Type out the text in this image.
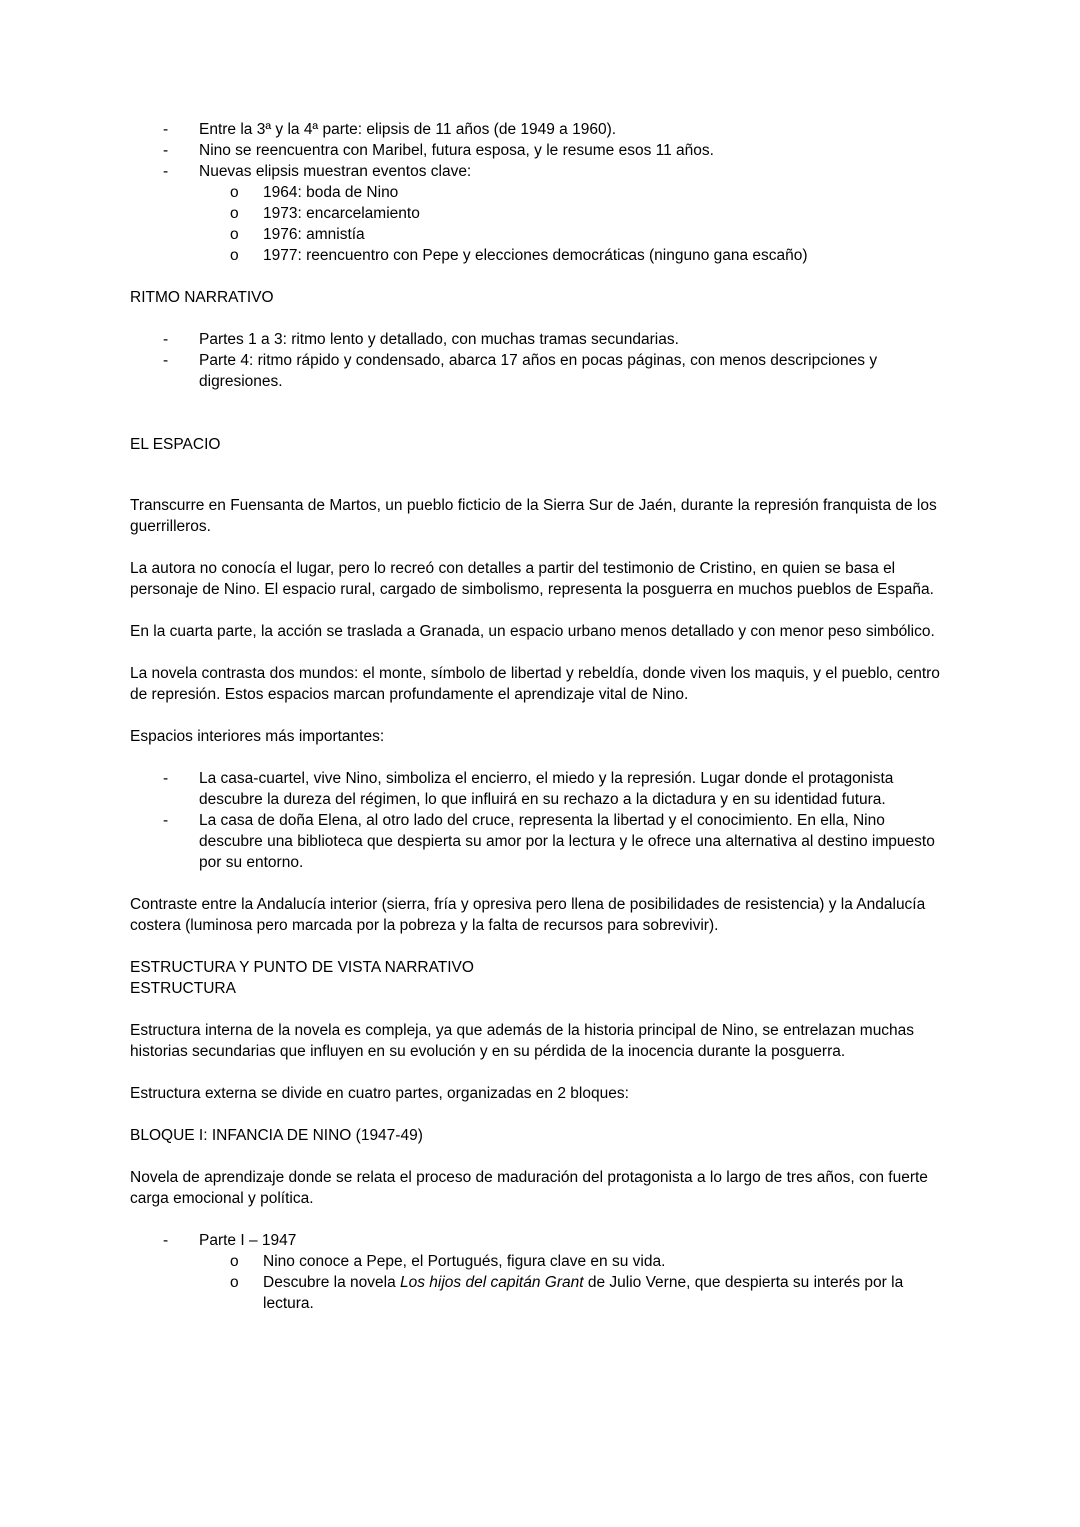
-	Entre la 3ª y la 4ª parte: elipsis de 11 años (de 1949 a 1960).
-	Nino se reencuentra con Maribel, futura esposa, y le resume esos 11 años.
-	Nuevas elipsis muestran eventos clave:
o	1964: boda de Nino
o	1973: encarcelamiento
o	1976: amnistía
o	1977: reencuentro con Pepe y elecciones democráticas (ninguno gana escaño)
RITMO NARRATIVO
-	Partes 1 a 3: ritmo lento y detallado, con muchas tramas secundarias.
-	Parte 4: ritmo rápido y condensado, abarca 17 años en pocas páginas, con menos descripciones y digresiones.
EL ESPACIO

Transcurre en Fuensanta de Martos, un pueblo ficticio de la Sierra Sur de Jaén, durante la represión franquista de los guerrilleros.

La autora no conocía el lugar, pero lo recreó con detalles a partir del testimonio de Cristino, en quien se basa el personaje de Nino. El espacio rural, cargado de simbolismo, representa la posguerra en muchos pueblos de España.

En la cuarta parte, la acción se traslada a Granada, un espacio urbano menos detallado y con menor peso simbólico.

La novela contrasta dos mundos: el monte, símbolo de libertad y rebeldía, donde viven los maquis, y el pueblo, centro de represión. Estos espacios marcan profundamente el aprendizaje vital de Nino.

Espacios interiores más importantes:

-	La casa-cuartel, vive Nino, simboliza el encierro, el miedo y la represión. Lugar donde el protagonista descubre la dureza del régimen, lo que influirá en su rechazo a la dictadura y en su identidad futura.
-	La casa de doña Elena, al otro lado del cruce, representa la libertad y el conocimiento. En ella, Nino descubre una biblioteca que despierta su amor por la lectura y le ofrece una alternativa al destino impuesto por su entorno.

Contraste entre la Andalucía interior (sierra, fría y opresiva pero llena de posibilidades de resistencia) y la Andalucía costera (luminosa pero marcada por la pobreza y la falta de recursos para sobrevivir).

ESTRUCTURA Y PUNTO DE VISTA NARRATIVO
ESTRUCTURA

Estructura interna de la novela es compleja, ya que además de la historia principal de Nino, se entrelazan muchas historias secundarias que influyen en su evolución y en su pérdida de la inocencia durante la posguerra.

Estructura externa se divide en cuatro partes, organizadas en 2 bloques:

BLOQUE I: INFANCIA DE NINO (1947-49)

Novela de aprendizaje donde se relata el proceso de maduración del protagonista a lo largo de tres años, con fuerte carga emocional y política.

-	Parte I – 1947
o	Nino conoce a Pepe, el Portugués, figura clave en su vida.
o	Descubre la novela Los hijos del capitán Grant de Julio Verne, que despierta su interés por la lectura.
